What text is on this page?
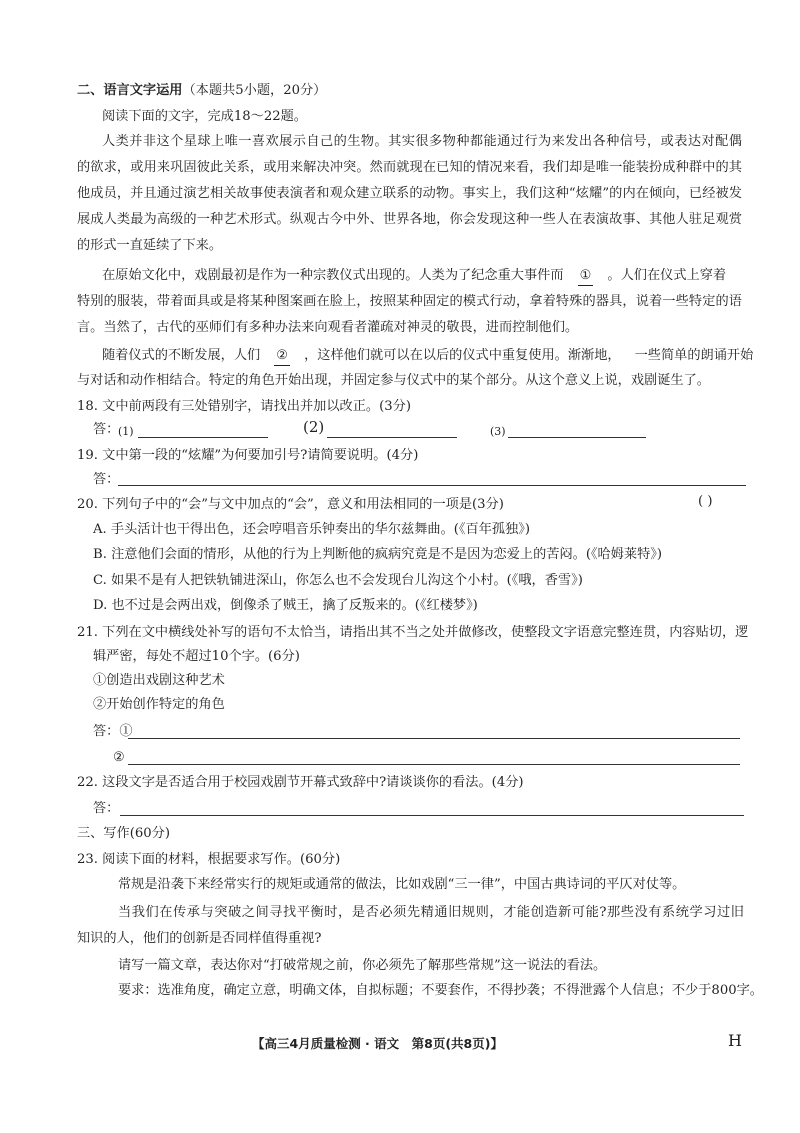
二、语言文字运用（本题共5小题，20分）
阅读下面的文字，完成18～22题。
人类并非这个星球上唯一喜欢展示自己的生物。其实很多物种都能通过行为来发出各种信号，或表达对配偶
的欲求，或用来巩固彼此关系，或用来解决冲突。然而就现在已知的情况来看，我们却是唯一能装扮成种群中的其
他成员，并且通过演艺相关故事使表演者和观众建立联系的动物。事实上，我们这种“炫耀”的内在倾向，已经被发
展成人类最为高级的一种艺术形式。纵观古今中外、世界各地，你会发现这种一些人在表演故事、其他人驻足观赏
的形式一直延续了下来。
在原始文化中，戏剧最初是作为一种宗教仪式出现的。人类为了纪念重大事件而 ① 。人们在仪式上穿着
特别的服装，带着面具或是将某种图案画在脸上，按照某种固定的模式行动，拿着特殊的器具，说着一些特定的语
言。当然了，古代的巫师们有多种办法来向观看者灌疏对神灵的敬畏，进而控制他们。
随着仪式的不断发展，人们 ② ，这样他们就可以在以后的仪式中重复使用。渐渐地， 一些简单的朗诵开始
与对话和动作相结合。特定的角色开始出现，并固定参与仪式中的某个部分。从这个意义上说，戏剧诞生了。
18. 文中前两段有三处错别字，请找出并加以改正。(3分)
答：
(1)	(2)	(3)
19. 文中第一段的“炫耀”为何要加引号?请简要说明。(4分)
答：
20. 下列句子中的“会”与文中加点的“会”，意义和用法相同的一项是(3分)	( )
A. 手头活计也干得出色，还会哼唱音乐钟奏出的华尔兹舞曲。(《百年孤独》)
B. 注意他们会面的情形，从他的行为上判断他的疯病究竟是不是因为恋爱上的苦闷。(《哈姆莱特》)
C. 如果不是有人把铁轨铺进深山，你怎么也不会发现台儿沟这个小村。(《哦，香雪》)
D. 也不过是会两出戏，倒像杀了贼王，擒了反叛来的。(《红楼梦》)
21. 下列在文中横线处补写的语句不太恰当，请指出其不当之处并做修改，使整段文字语意完整连贯，内容贴切，逻
辑严密，每处不超过10个字。(6分)
①创造出戏剧这种艺术
②开始创作特定的角色
答：①
②
22. 这段文字是否适合用于校园戏剧节开幕式致辞中?请谈谈你的看法。(4分)
答：
三、写作(60分)
23. 阅读下面的材料，根据要求写作。(60分)
常规是沿袭下来经常实行的规矩或通常的做法，比如戏剧“三一律”，中国古典诗词的平仄对仗等。
当我们在传承与突破之间寻找平衡时，是否必须先精通旧规则，才能创造新可能?那些没有系统学习过旧
知识的人，他们的创新是否同样值得重视?
请写一篇文章，表达你对“打破常规之前，你必须先了解那些常规”这一说法的看法。
要求：选准角度，确定立意，明确文体，自拟标题；不要套作，不得抄袭；不得泄露个人信息；不少于800字。
【高三4月质量检测 · 语文　第8页(共8页)】	H
